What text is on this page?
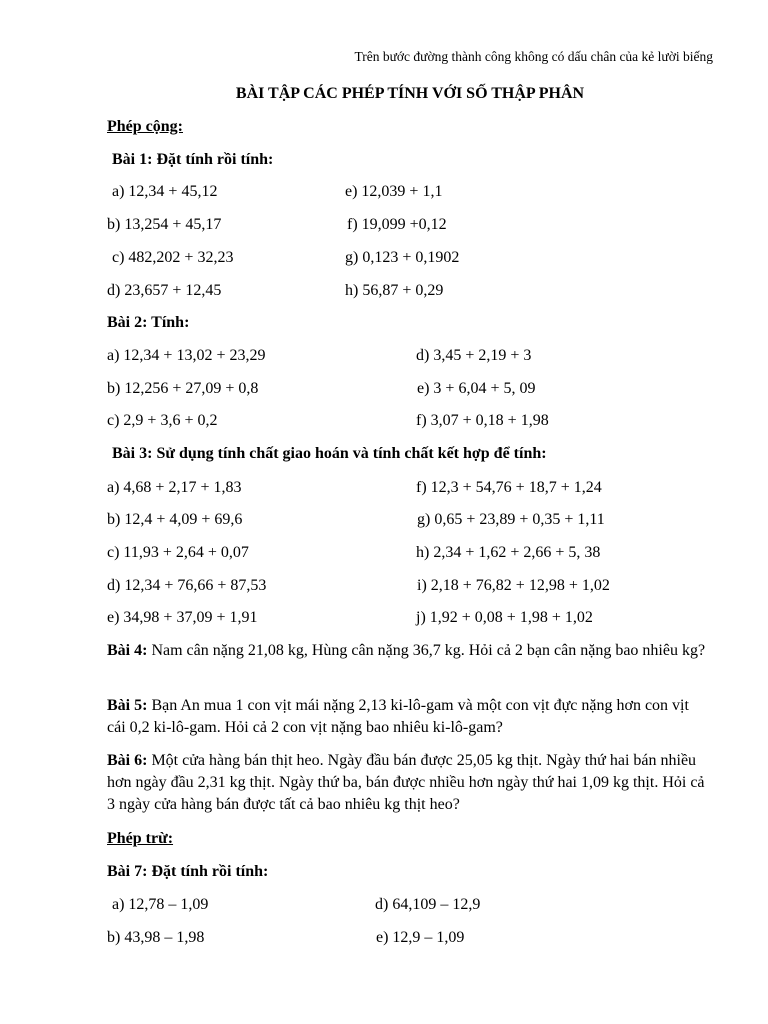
Trên bước đường thành công không có dấu chân của kẻ lười biếng
BÀI TẬP CÁC PHÉP TÍNH VỚI SỐ THẬP PHÂN
Phép cộng:
Bài 1: Đặt tính rồi tính:
a) 12,34 + 45,12	e) 12,039 + 1,1
b) 13,254 + 45,17	f) 19,099 +0,12
c) 482,202 + 32,23	g) 0,123 + 0,1902
d) 23,657 + 12,45	h) 56,87 + 0,29
Bài 2: Tính:
a) 12,34 + 13,02 + 23,29	d) 3,45 + 2,19 + 3
b) 12,256 + 27,09 + 0,8	e) 3 + 6,04 + 5, 09
c) 2,9 + 3,6 + 0,2	f) 3,07 + 0,18 + 1,98
Bài 3: Sử dụng tính chất giao hoán và tính chất kết hợp để tính:
a) 4,68 + 2,17 + 1,83	f) 12,3 + 54,76 + 18,7 + 1,24
b) 12,4 + 4,09 + 69,6	g) 0,65 + 23,89 + 0,35 + 1,11
c) 11,93 + 2,64 + 0,07	h) 2,34 + 1,62 + 2,66 + 5, 38
d) 12,34 + 76,66 + 87,53	i) 2,18 + 76,82 + 12,98 + 1,02
e) 34,98 + 37,09 + 1,91	j) 1,92 + 0,08 + 1,98 + 1,02
Bài 4: Nam cân nặng 21,08 kg, Hùng cân nặng 36,7 kg. Hỏi cả 2 bạn cân nặng bao nhiêu kg?
Bài 5: Bạn An mua 1 con vịt mái nặng 2,13 ki-lô-gam và một con vịt đực nặng hơn con vịt cái 0,2 ki-lô-gam. Hỏi cả 2 con vịt nặng bao nhiêu ki-lô-gam?
Bài 6: Một cửa hàng bán thịt heo. Ngày đầu bán được 25,05 kg thịt. Ngày thứ hai bán nhiều hơn ngày đầu 2,31 kg thịt. Ngày thứ ba, bán được nhiều hơn ngày thứ hai 1,09 kg thịt. Hỏi cả 3 ngày cửa hàng bán được tất cả bao nhiêu kg thịt heo?
Phép trừ:
Bài 7: Đặt tính rồi tính:
a) 12,78 – 1,09	d) 64,109 – 12,9
b) 43,98 – 1,98	e) 12,9 – 1,09
